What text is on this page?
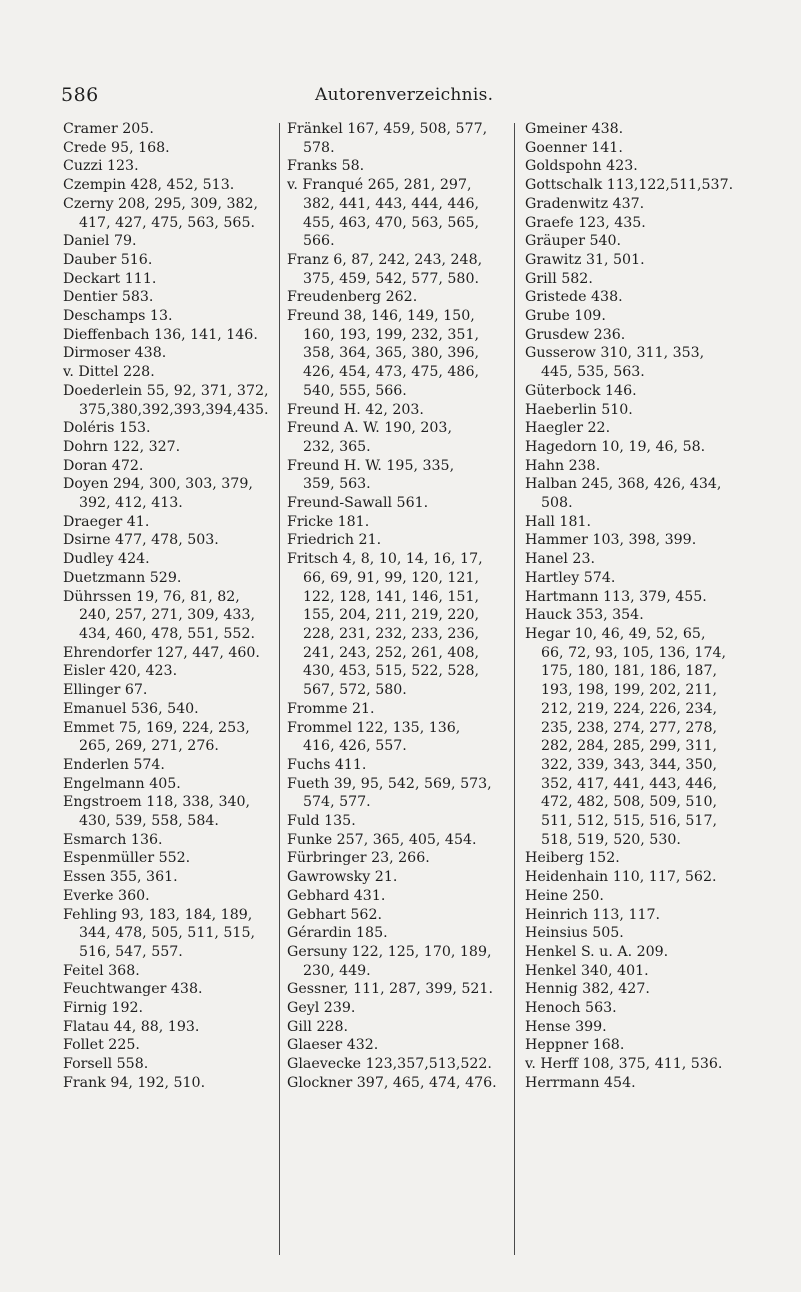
586	Autorenverzeichnis.
Cramer 205.
Crede 95, 168.
Cuzzi 123.
Czempin 428, 452, 513.
Czerny 208, 295, 309, 382,
417, 427, 475, 563, 565.
Daniel 79.
Dauber 516.
Deckart 111.
Dentier 583.
Deschamps 13.
Dieffenbach 136, 141, 146.
Dirmoser 438.
v. Dittel 228.
Doederlein 55, 92, 371, 372,
375,380,392,393,394,435.
Doléris 153.
Dohrn 122, 327.
Doran 472.
Doyen 294, 300, 303, 379,
392, 412, 413.
Draeger 41.
Dsirne 477, 478, 503.
Dudley 424.
Duetzmann 529.
Dührssen 19, 76, 81, 82,
240, 257, 271, 309, 433,
434, 460, 478, 551, 552.
Ehrendorfer 127, 447, 460.
Eisler 420, 423.
Ellinger 67.
Emanuel 536, 540.
Emmet 75, 169, 224, 253,
265, 269, 271, 276.
Enderlen 574.
Engelmann 405.
Engstroem 118, 338, 340,
430, 539, 558, 584.
Esmarch 136.
Espenmüller 552.
Essen 355, 361.
Everke 360.
Fehling 93, 183, 184, 189,
344, 478, 505, 511, 515,
516, 547, 557.
Feitel 368.
Feuchtwanger 438.
Firnig 192.
Flatau 44, 88, 193.
Follet 225.
Forsell 558.
Frank 94, 192, 510.
Fränkel 167, 459, 508, 577,
578.
Franks 58.
v. Franqué 265, 281, 297,
382, 441, 443, 444, 446,
455, 463, 470, 563, 565,
566.
Franz 6, 87, 242, 243, 248,
375, 459, 542, 577, 580.
Freudenberg 262.
Freund 38, 146, 149, 150,
160, 193, 199, 232, 351,
358, 364, 365, 380, 396,
426, 454, 473, 475, 486,
540, 555, 566.
Freund H. 42, 203.
Freund A. W. 190, 203,
232, 365.
Freund H. W. 195, 335,
359, 563.
Freund-Sawall 561.
Fricke 181.
Friedrich 21.
Fritsch 4, 8, 10, 14, 16, 17,
66, 69, 91, 99, 120, 121,
122, 128, 141, 146, 151,
155, 204, 211, 219, 220,
228, 231, 232, 233, 236,
241, 243, 252, 261, 408,
430, 453, 515, 522, 528,
567, 572, 580.
Fromme 21.
Frommel 122, 135, 136,
416, 426, 557.
Fuchs 411.
Fueth 39, 95, 542, 569, 573,
574, 577.
Fuld 135.
Funke 257, 365, 405, 454.
Fürbringer 23, 266.
Gawrowsky 21.
Gebhard 431.
Gebhart 562.
Gérardin 185.
Gersuny 122, 125, 170, 189,
230, 449.
Gessner, 111, 287, 399, 521.
Geyl 239.
Gill 228.
Glaeser 432.
Glaevecke 123,357,513,522.
Glockner 397, 465, 474, 476.
Gmeiner 438.
Goenner 141.
Goldspohn 423.
Gottschalk 113,122,511,537.
Gradenwitz 437.
Graefe 123, 435.
Gräuper 540.
Grawitz 31, 501.
Grill 582.
Gristede 438.
Grube 109.
Grusdew 236.
Gusserow 310, 311, 353,
445, 535, 563.
Güterbock 146.
Haeberlin 510.
Haegler 22.
Hagedorn 10, 19, 46, 58.
Hahn 238.
Halban 245, 368, 426, 434,
508.
Hall 181.
Hammer 103, 398, 399.
Hanel 23.
Hartley 574.
Hartmann 113, 379, 455.
Hauck 353, 354.
Hegar 10, 46, 49, 52, 65,
66, 72, 93, 105, 136, 174,
175, 180, 181, 186, 187,
193, 198, 199, 202, 211,
212, 219, 224, 226, 234,
235, 238, 274, 277, 278,
282, 284, 285, 299, 311,
322, 339, 343, 344, 350,
352, 417, 441, 443, 446,
472, 482, 508, 509, 510,
511, 512, 515, 516, 517,
518, 519, 520, 530.
Heiberg 152.
Heidenhain 110, 117, 562.
Heine 250.
Heinrich 113, 117.
Heinsius 505.
Henkel S. u. A. 209.
Henkel 340, 401.
Hennig 382, 427.
Henoch 563.
Hense 399.
Heppner 168.
v. Herff 108, 375, 411, 536.
Herrmann 454.
